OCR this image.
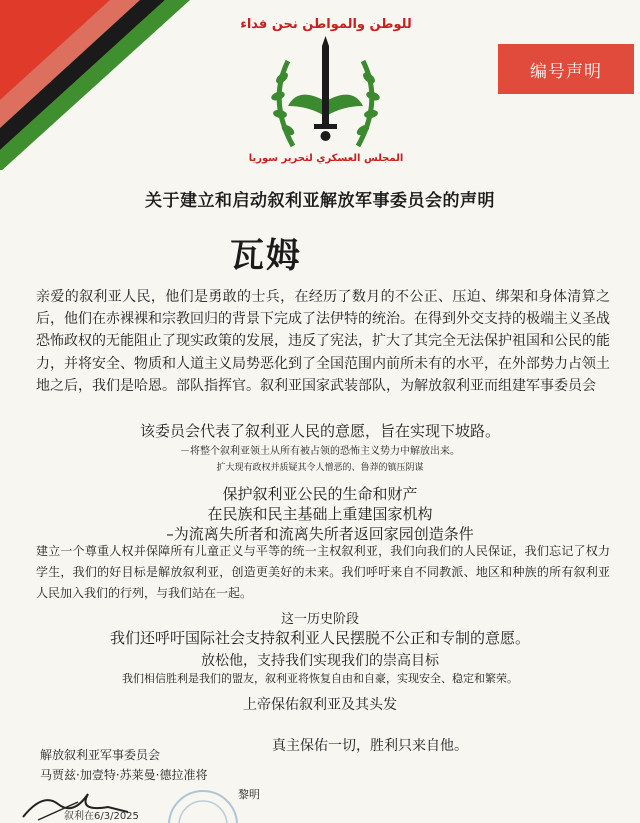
للوطن والمواطن نحن فداء
المجلس العسكري لتحرير سوريا
编号声明
关于建立和启动叙利亚解放军事委员会的声明
瓦姆
亲爱的叙利亚人民，他们是勇敢的士兵，在经历了数月的不公正、压迫、绑架和身体清算之后，他们在赤裸裸和宗教回归的背景下完成了法伊特的统治。在得到外交支持的极端主义圣战恐怖政权的无能阻止了现实政策的发展，违反了宪法，扩大了其完全无法保护祖国和公民的能力，并将安全、物质和人道主义局势恶化到了全国范围内前所未有的水平，在外部势力占领土地之后，我们是哈恩。部队指挥官。叙利亚国家武装部队，为解放叙利亚而组建军事委员会
该委员会代表了叙利亚人民的意愿，旨在实现下坡路。
－将整个叙利亚领土从所有被占领的恐怖主义势力中解放出来。
扩大现有政权并质疑其令人憎恶的、鲁莽的镇压阴谋
保护叙利亚公民的生命和财产
在民族和民主基础上重建国家机构
–为流离失所者和流离失所者返回家园创造条件
建立一个尊重人权并保障所有儿童正义与平等的统一主权叙利亚，我们向我们的人民保证，我们忘记了权力学生，我们的好目标是解放叙利亚，创造更美好的未来。我们呼吁来自不同教派、地区和种族的所有叙利亚人民加入我们的行列，与我们站在一起。
这一历史阶段
我们还呼吁国际社会支持叙利亚人民摆脱不公正和专制的意愿。
放松他，支持我们实现我们的崇高目标
我们相信胜利是我们的盟友，叙利亚将恢复自由和自豪，实现安全、稳定和繁荣。
上帝保佑叙利亚及其头发
真主保佑一切，胜利只来自他。
解放叙利亚军事委员会
马贾兹·加壹特·苏莱曼·德拉准将
黎明
叙利在6/3/2025
